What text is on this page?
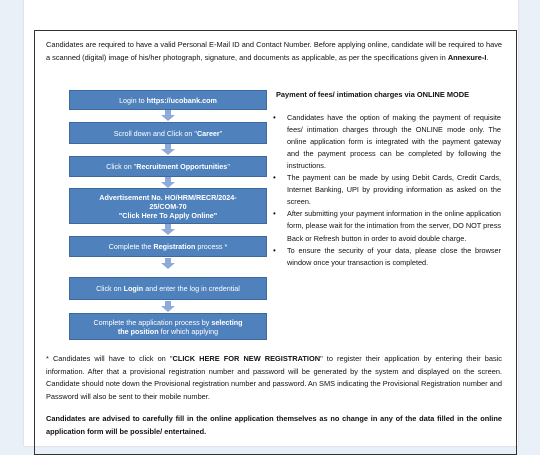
Candidates are required to have a valid Personal E-Mail ID and Contact Number. Before applying online, candidate will be required to have a scanned (digital) image of his/her photograph, signature, and documents as applicable, as per the specifications given in Annexure-I.
Login to https://ucobank.com
Scroll down and Click on "Career"
Click on "Recruitment Opportunities"
Advertisement No. HO/HRM/RECR/2024-
25/COM-70
"Click Here To Apply Online"
Complete the Registration process *
Click on Login and enter the log in credential
Complete the application process by selecting
the position for which applying
Payment of fees/ intimation charges via ONLINE MODE
• Candidates have the option of making the payment of requisite fees/ intimation charges through the ONLINE mode only. The online application form is integrated with the payment gateway and the payment process can be completed by following the instructions.
• The payment can be made by using Debit Cards, Credit Cards, Internet Banking, UPI by providing information as asked on the screen.
• After submitting your payment information in the online application form, please wait for the intimation from the server, DO NOT press Back or Refresh button in order to avoid double charge.
• To ensure the security of your data, please close the browser window once your transaction is completed.
* Candidates will have to click on "CLICK HERE FOR NEW REGISTRATION" to register their application by entering their basic information. After that a provisional registration number and password will be generated by the system and displayed on the screen. Candidate should note down the Provisional registration number and password. An SMS indicating the Provisional Registration number and Password will also be sent to their mobile number.
Candidates are advised to carefully fill in the online application themselves as no change in any of the data filled in the online application form will be possible/ entertained.
